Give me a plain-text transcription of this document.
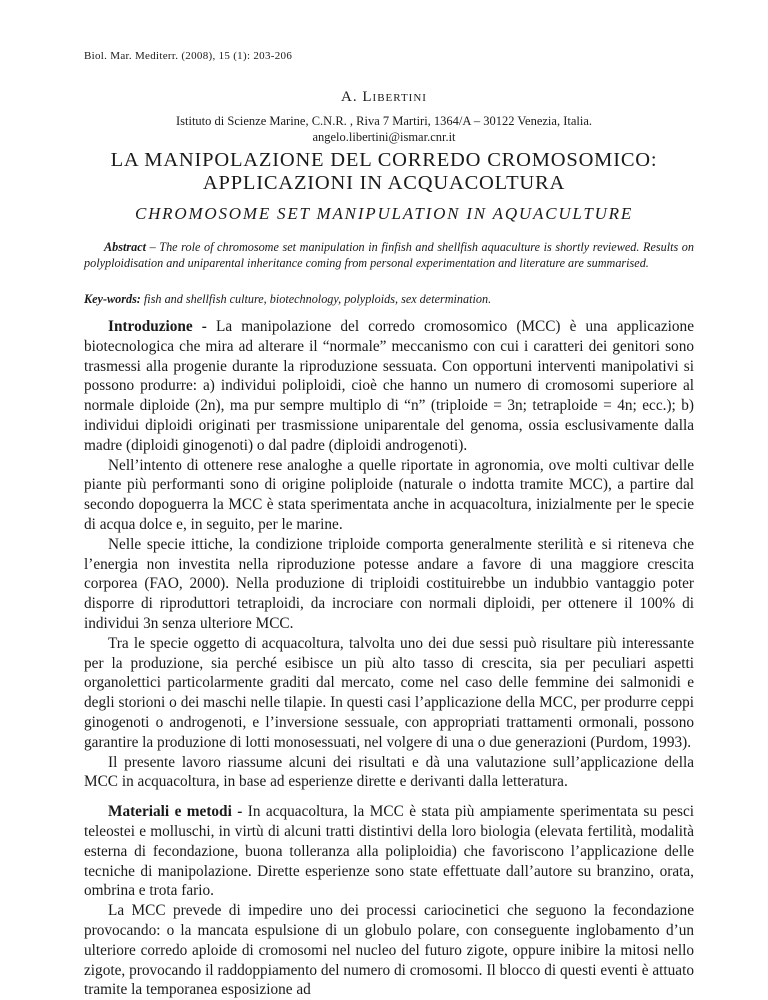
Biol. Mar. Mediterr. (2008), 15 (1): 203-206
A. Libertini
Istituto di Scienze Marine, C.N.R. , Riva 7 Martiri, 1364/A – 30122 Venezia, Italia.
angelo.libertini@ismar.cnr.it
LA MANIPOLAZIONE DEL CORREDO CROMOSOMICO:
APPLICAZIONI IN ACQUACOLTURA
CHROMOSOME SET MANIPULATION IN AQUACULTURE
Abstract – The role of chromosome set manipulation in finfish and shellfish aquaculture is shortly reviewed. Results on polyploidisation and uniparental inheritance coming from personal experimentation and literature are summarised.
Key-words: fish and shellfish culture, biotechnology, polyploids, sex determination.

Introduzione - La manipolazione del corredo cromosomico (MCC) è una applicazione biotecnologica che mira ad alterare il “normale” meccanismo con cui i caratteri dei genitori sono trasmessi alla progenie durante la riproduzione sessuata. Con opportuni interventi manipolativi si possono produrre: a) individui poliploidi, cioè che hanno un numero di cromosomi superiore al normale diploide (2n), ma pur sempre multiplo di “n” (triploide = 3n; tetraploide = 4n; ecc.); b) individui diploidi originati per trasmissione uniparentale del genoma, ossia esclusivamente dalla madre (diploidi ginogenoti) o dal padre (diploidi androgenoti).

Nell’intento di ottenere rese analoghe a quelle riportate in agronomia, ove molti cultivar delle piante più performanti sono di origine poliploide (naturale o indotta tramite MCC), a partire dal secondo dopoguerra la MCC è stata sperimentata anche in acquacoltura, inizialmente per le specie di acqua dolce e, in seguito, per le marine.

Nelle specie ittiche, la condizione triploide comporta generalmente sterilità e si riteneva che l’energia non investita nella riproduzione potesse andare a favore di una maggiore crescita corporea (FAO, 2000). Nella produzione di triploidi costituirebbe un indubbio vantaggio poter disporre di riproduttori tetraploidi, da incrociare con normali diploidi, per ottenere il 100% di individui 3n senza ulteriore MCC.

Tra le specie oggetto di acquacoltura, talvolta uno dei due sessi può risultare più interessante per la produzione, sia perché esibisce un più alto tasso di crescita, sia per peculiari aspetti organolettici particolarmente graditi dal mercato, come nel caso delle femmine dei salmonidi e degli storioni o dei maschi nelle tilapie. In questi casi l’applicazione della MCC, per produrre ceppi ginogenoti o androgenoti, e l’inversione sessuale, con appropriati trattamenti ormonali, possono garantire la produzione di lotti monosessuati, nel volgere di una o due generazioni (Purdom, 1993).

Il presente lavoro riassume alcuni dei risultati e dà una valutazione sull’applicazione della MCC in acquacoltura, in base ad esperienze dirette e derivanti dalla letteratura.

Materiali e metodi - In acquacoltura, la MCC è stata più ampiamente sperimentata su pesci teleostei e molluschi, in virtù di alcuni tratti distintivi della loro biologia (elevata fertilità, modalità esterna di fecondazione, buona tolleranza alla poliploidia) che favoriscono l’applicazione delle tecniche di manipolazione. Dirette esperienze sono state effettuate dall’autore su branzino, orata, ombrina e trota fario.

La MCC prevede di impedire uno dei processi cariocinetici che seguono la fecondazione provocando: o la mancata espulsione di un globulo polare, con conseguente inglobamento d’un ulteriore corredo aploide di cromosomi nel nucleo del futuro zigote, oppure inibire la mitosi nello zigote, provocando il raddoppiamento del numero di cromosomi. Il blocco di questi eventi è attuato tramite la temporanea esposizione ad
